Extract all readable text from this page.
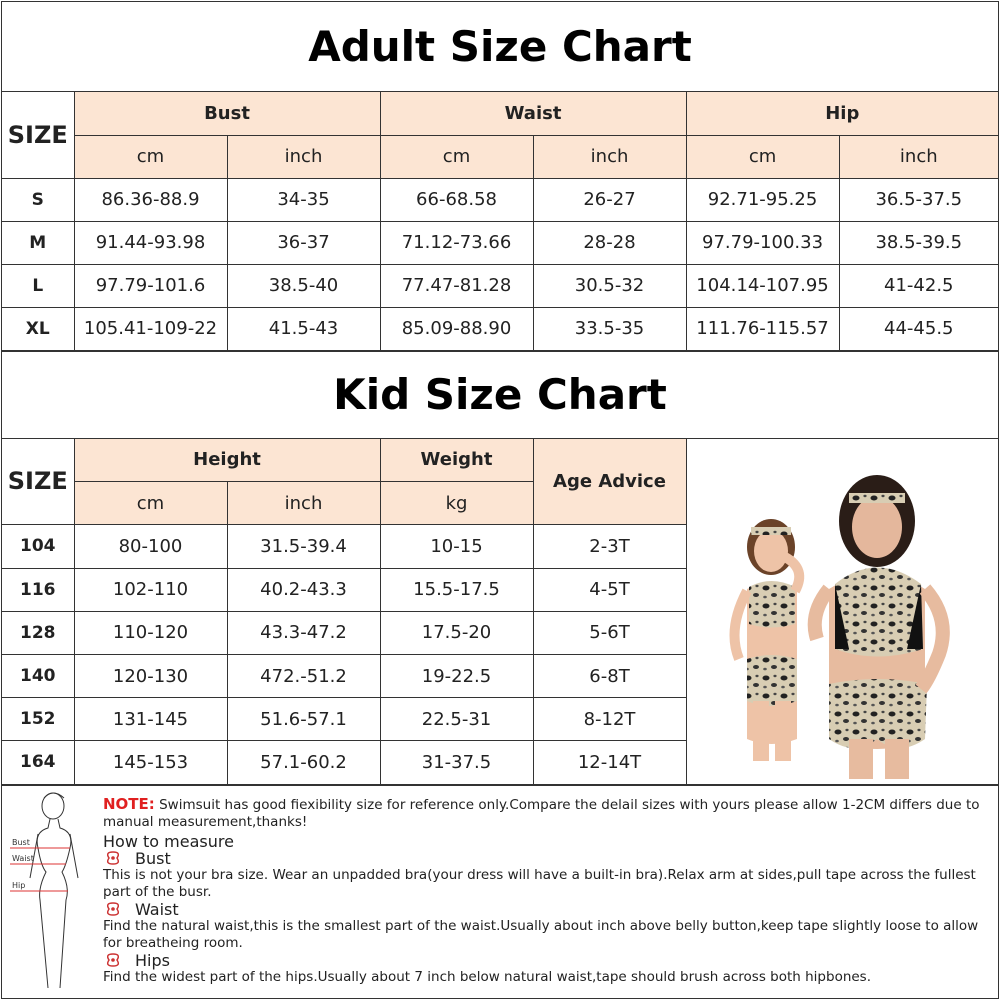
Adult Size Chart
SIZE	Bust		Waist		Hip	
	cm	inch	cm	inch	cm	inch
S	86.36-88.9	34-35	66-68.58	26-27	92.71-95.25	36.5-37.5
M	91.44-93.98	36-37	71.12-73.66	28-28	97.79-100.33	38.5-39.5
L	97.79-101.6	38.5-40	77.47-81.28	30.5-32	104.14-107.95	41-42.5
XL	105.41-109-22	41.5-43	85.09-88.90	33.5-35	111.76-115.57	44-45.5
Kid Size Chart
SIZE	Height		Weight	Age Advice	
	cm	inch	kg		
104	80-100	31.5-39.4	10-15	2-3T	
116	102-110	40.2-43.3	15.5-17.5	4-5T	
128	110-120	43.3-47.2	17.5-20	5-6T	
140	120-130	472.-51.2	19-22.5	6-8T	
152	131-145	51.6-57.1	22.5-31	8-12T	
164	145-153	57.1-60.2	31-37.5	12-14T	
Bust
Waist
Hip
NOTE: Swimsuit has good fiexibility size for reference only.Compare the delail sizes with yours please allow 1-2CM differs due to manual measurement,thanks!
How to measure
Bust
This is not your bra size. Wear an unpadded bra(your dress will have a built-in bra).Relax arm at sides,pull tape across the fullest part of the busr.
Waist
Find the natural waist,this is the smallest part of the waist.Usually about inch above belly button,keep tape slightly loose to allow for breatheing room.
Hips
Find the widest part of the hips.Usually about 7 inch below natural waist,tape should brush across both hipbones.
